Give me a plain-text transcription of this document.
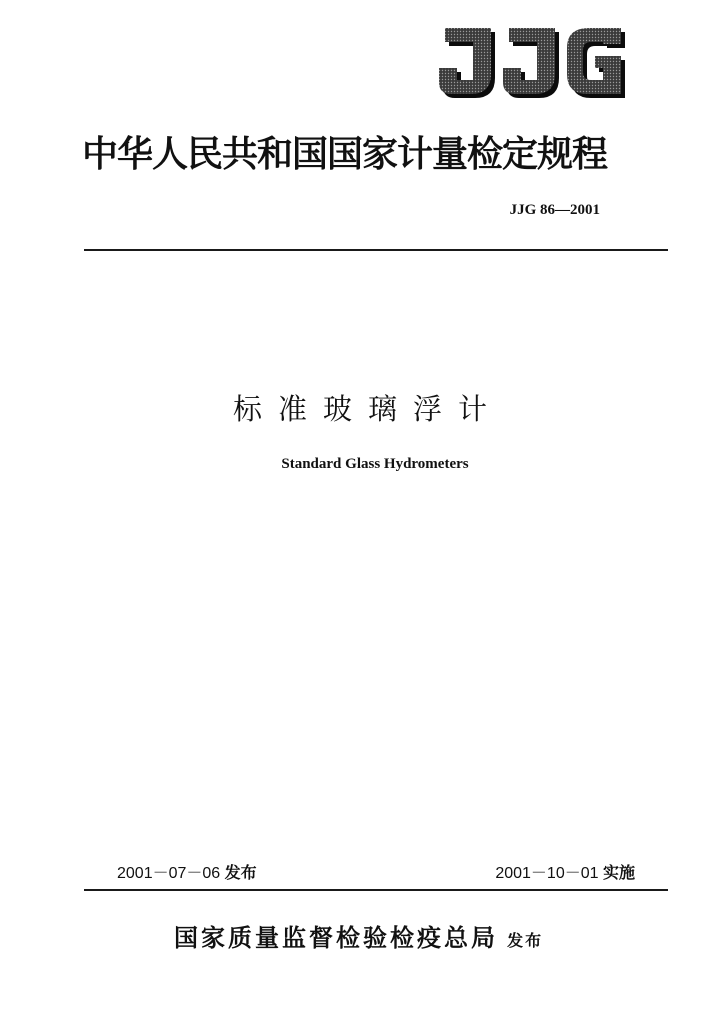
中华人民共和国国家计量检定规程
JJG 86—2001
标准玻璃浮计
Standard Glass Hydrometers
2001－07－06 发布	2001－10－01 实施
国家质量监督检验检疫总局 发布
